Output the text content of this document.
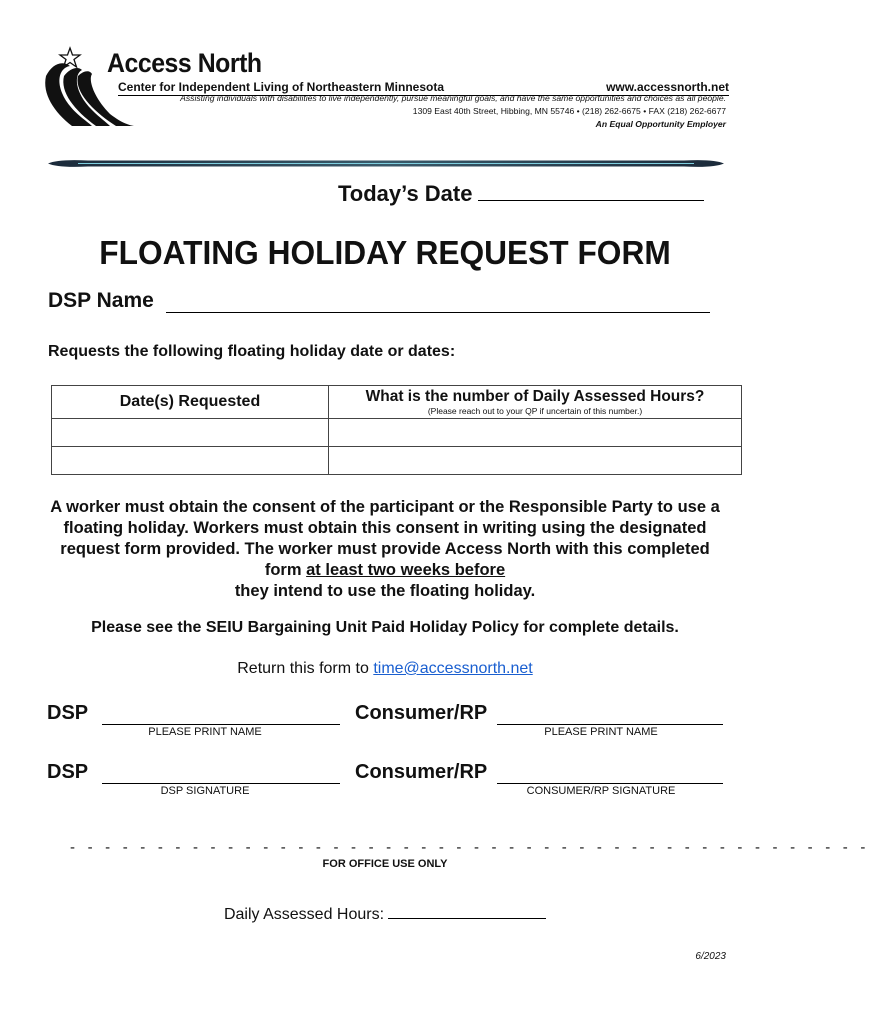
Access North
Center for Independent Living of Northeastern Minnesota	www.accessnorth.net
Assisting individuals with disabilities to live independently, pursue meaningful goals, and have the same opportunities and choices as all people.
1309 East 40th Street, Hibbing, MN 55746 • (218) 262-6675 • FAX (218) 262-6677
An Equal Opportunity Employer
Today’s Date
FLOATING HOLIDAY REQUEST FORM
DSP Name
Requests the following floating holiday date or dates:
Date(s) Requested	What is the number of Daily Assessed Hours?
(Please reach out to your QP if uncertain of this number.)

A worker must obtain the consent of the participant or the Responsible Party to use a floating holiday. Workers must obtain this consent in writing using the designated request form provided. The worker must provide Access North with this completed form at least two weeks before
they intend to use the floating holiday.
Please see the SEIU Bargaining Unit Paid Holiday Policy for complete details.
Return this form to time@accessnorth.net
DSP
PLEASE PRINT NAME
Consumer/RP
PLEASE PRINT NAME
DSP
DSP SIGNATURE
Consumer/RP
CONSUMER/RP SIGNATURE
- - - - - - - - - - - - - - - - - - - - - - - - - - - - - - - - - - - - - - - - - - - - - -
FOR OFFICE USE ONLY
Daily Assessed Hours:
6/2023
